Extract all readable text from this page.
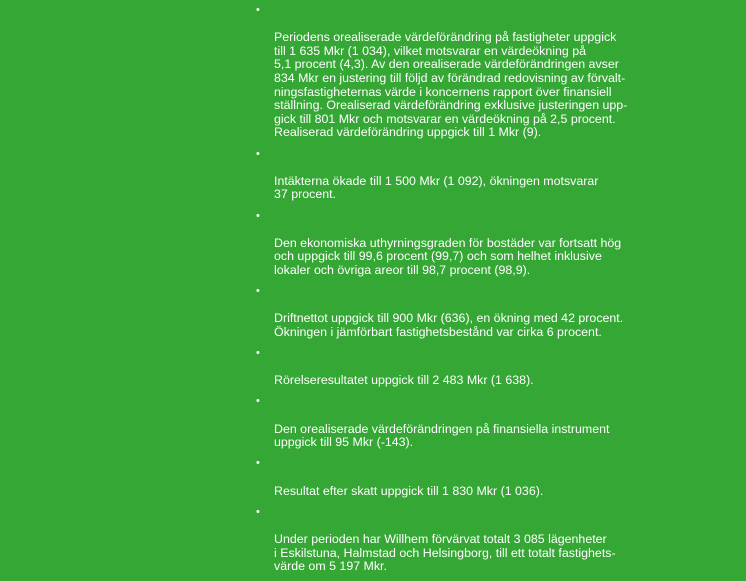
•

Periodens orealiserade värdeförändring på fastigheter uppgick
till 1 635 Mkr (1 034), vilket motsvarar en värdeökning på
5,1 procent (4,3). Av den orealiserade värdeförändringen avser
834 Mkr en justering till följd av förändrad redovisning av förvalt-
ningsfastigheternas värde i koncernens rapport över finansiell
ställning. Orealiserad värdeförändring exklusive justeringen upp-
gick till 801 Mkr och motsvarar en värdeökning på 2,5 procent.
Realiserad värdeförändring uppgick till 1 Mkr (9).

•

Intäkterna ökade till 1 500 Mkr (1 092), ökningen motsvarar
37 procent.

•

Den ekonomiska uthyrningsgraden för bostäder var fortsatt hög
och uppgick till 99,6 procent (99,7) och som helhet inklusive
lokaler och övriga areor till 98,7 procent (98,9).

•

Driftnettot uppgick till 900 Mkr (636), en ökning med 42 procent.
Ökningen i jämförbart fastighetsbestånd var cirka 6 procent.

•

Rörelseresultatet uppgick till 2 483 Mkr (1 638).

•

Den orealiserade värdeförändringen på finansiella instrument
uppgick till 95 Mkr (-143).

•

Resultat efter skatt uppgick till 1 830 Mkr (1 036).

•

Under perioden har Willhem förvärvat totalt 3 085 lägenheter
i Eskilstuna, Halmstad och Helsingborg, till ett totalt fastighets-
värde om 5 197 Mkr.
